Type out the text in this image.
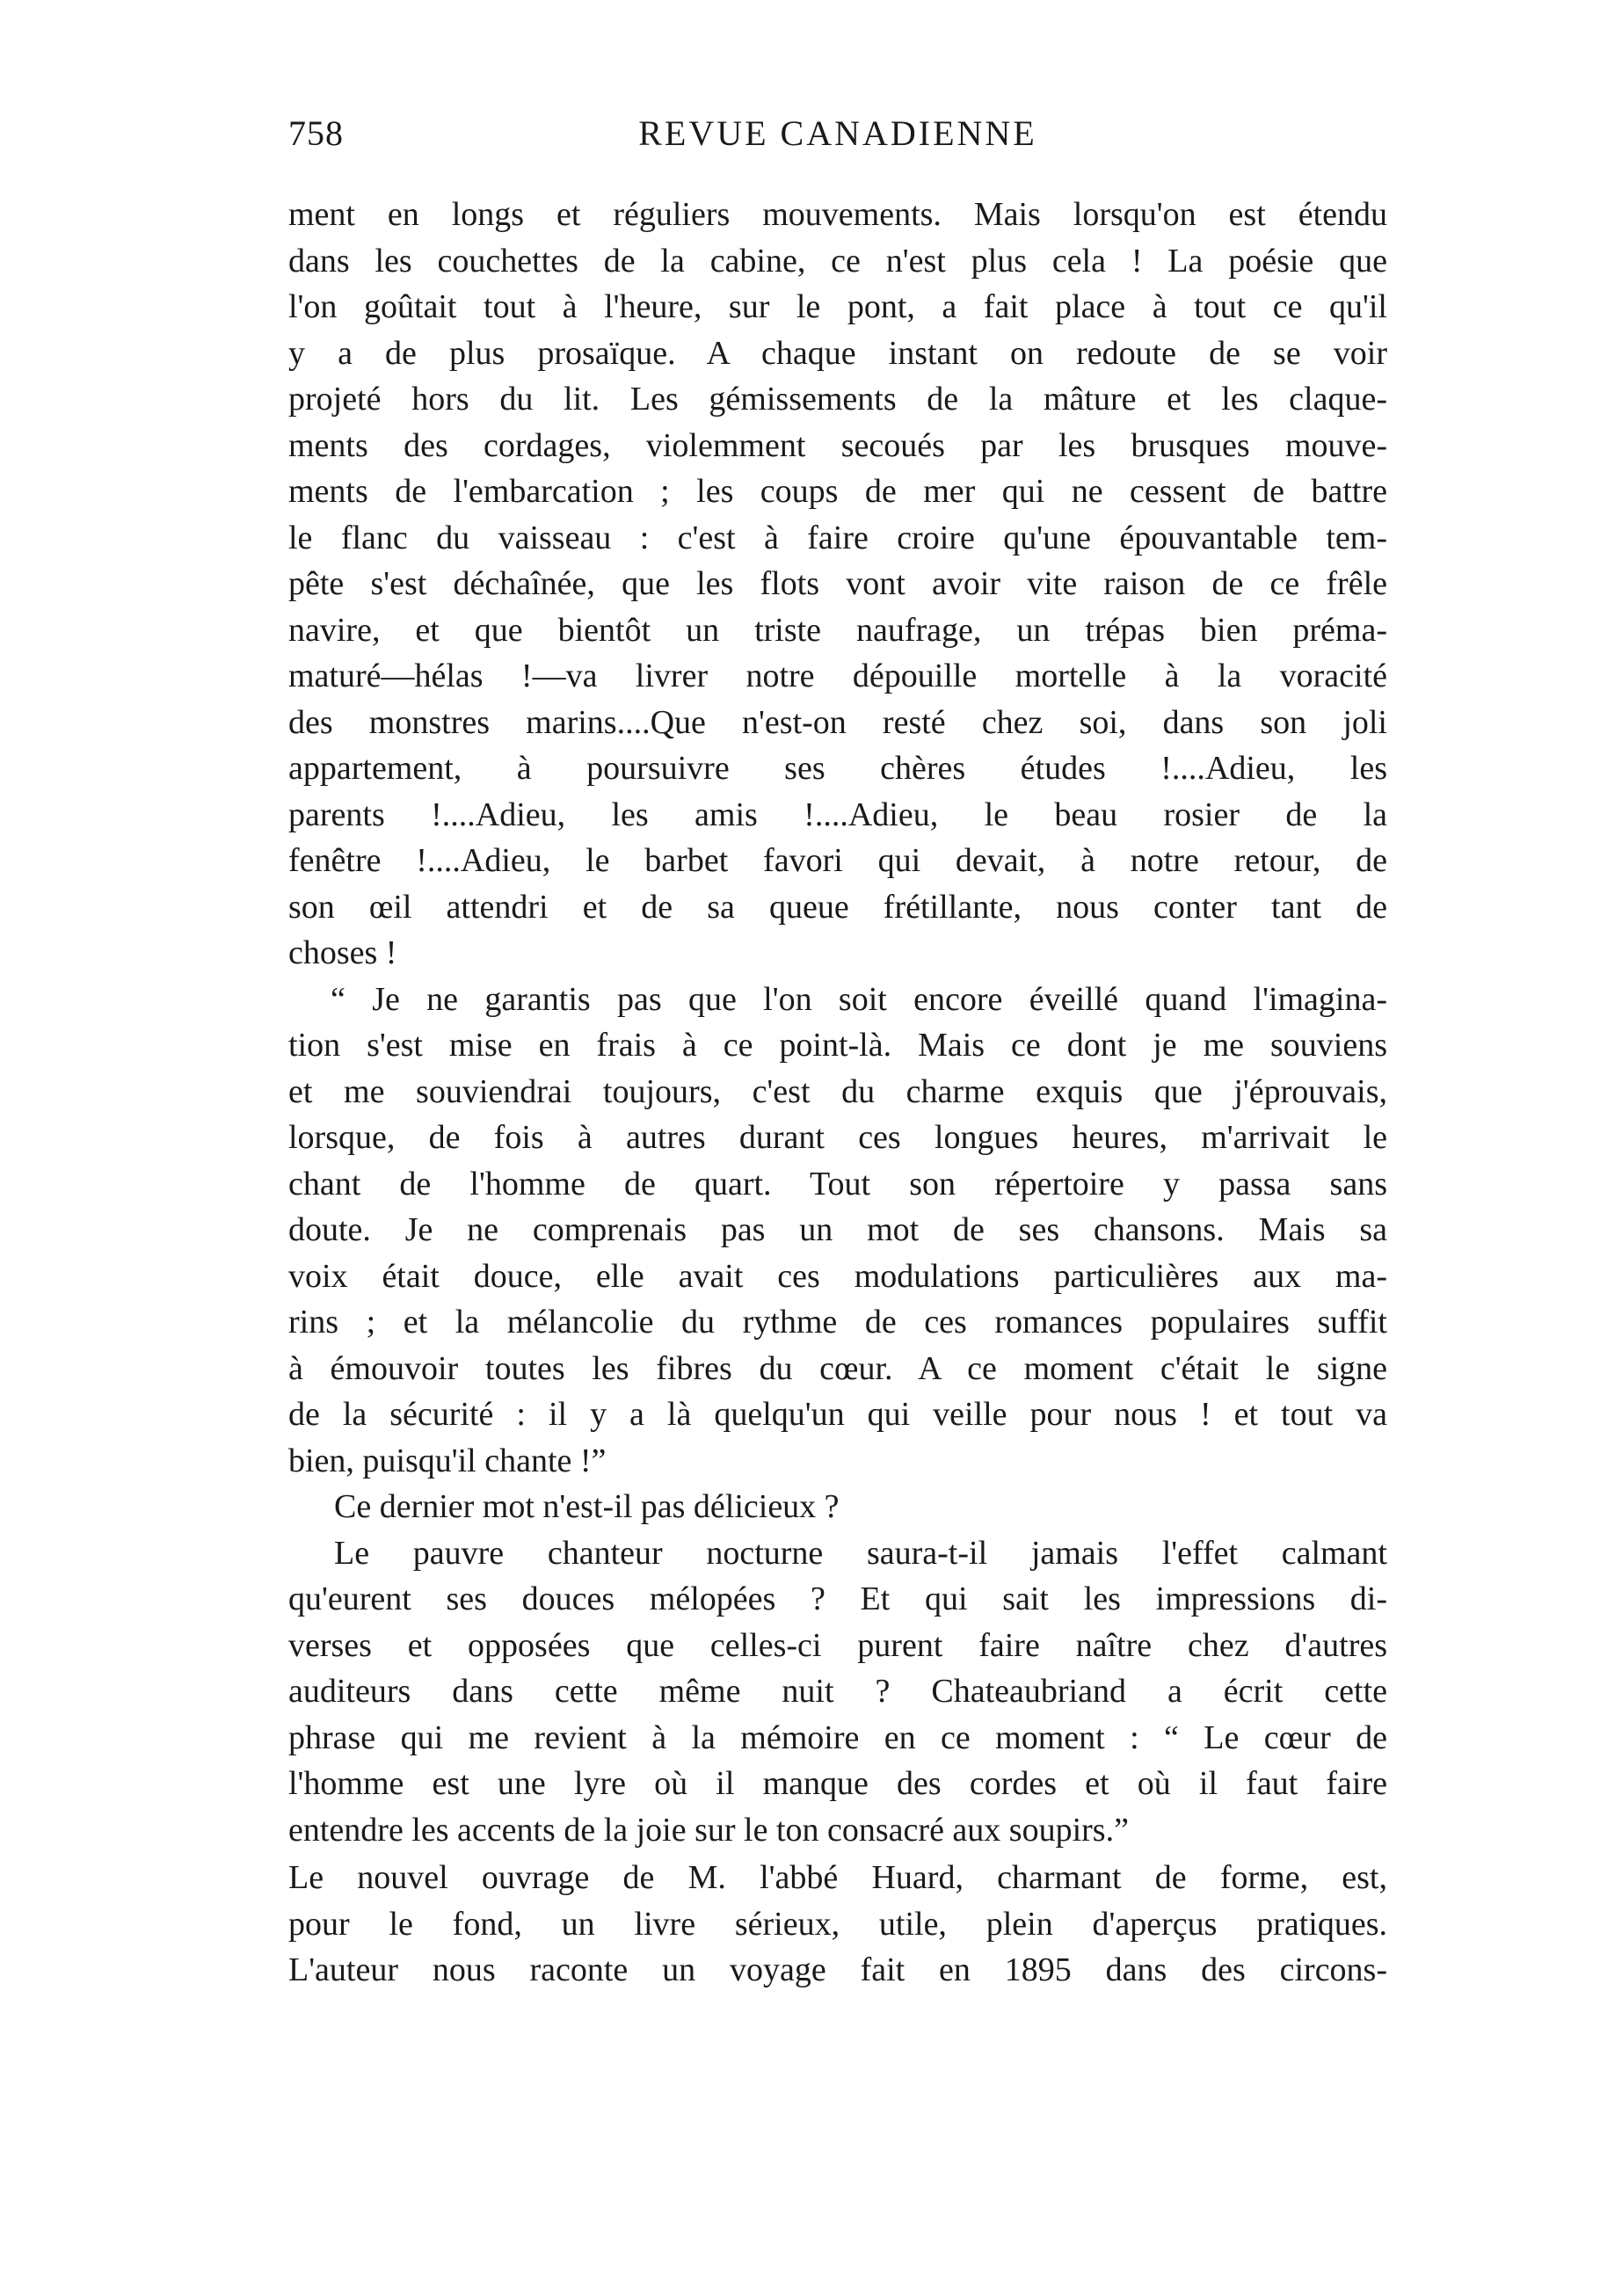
758	REVUE CANADIENNE
ment en longs et réguliers mouvements. Mais lorsqu'on est étendu
dans les couchettes de la cabine, ce n'est plus cela ! La poésie que
l'on goûtait tout à l'heure, sur le pont, a fait place à tout ce qu'il
y a de plus prosaïque. A chaque instant on redoute de se voir
projeté hors du lit. Les gémissements de la mâture et les claque-
ments des cordages, violemment secoués par les brusques mouve-
ments de l'embarcation ; les coups de mer qui ne cessent de battre
le flanc du vaisseau : c'est à faire croire qu'une épouvantable tem-
pête s'est déchaînée, que les flots vont avoir vite raison de ce frêle
navire, et que bientôt un triste naufrage, un trépas bien préma-
maturé—hélas !—va livrer notre dépouille mortelle à la voracité
des monstres marins....Que n'est-on resté chez soi, dans son joli
appartement, à poursuivre ses chères études !....Adieu, les
parents !....Adieu, les amis !....Adieu, le beau rosier de la
fenêtre !....Adieu, le barbet favori qui devait, à notre retour, de
son œil attendri et de sa queue frétillante, nous conter tant de
choses !
“ Je ne garantis pas que l'on soit encore éveillé quand l'imagina-
tion s'est mise en frais à ce point-là. Mais ce dont je me souviens
et me souviendrai toujours, c'est du charme exquis que j'éprouvais,
lorsque, de fois à autres durant ces longues heures, m'arrivait le
chant de l'homme de quart. Tout son répertoire y passa sans
doute. Je ne comprenais pas un mot de ses chansons. Mais sa
voix était douce, elle avait ces modulations particulières aux ma-
rins ; et la mélancolie du rythme de ces romances populaires suffit
à émouvoir toutes les fibres du cœur. A ce moment c'était le signe
de la sécurité : il y a là quelqu'un qui veille pour nous ! et tout va
bien, puisqu'il chante !”
Ce dernier mot n'est-il pas délicieux ?
Le pauvre chanteur nocturne saura-t-il jamais l'effet calmant
qu'eurent ses douces mélopées ? Et qui sait les impressions di-
verses et opposées que celles-ci purent faire naître chez d'autres
auditeurs dans cette même nuit ? Chateaubriand a écrit cette
phrase qui me revient à la mémoire en ce moment : “ Le cœur de
l'homme est une lyre où il manque des cordes et où il faut faire
entendre les accents de la joie sur le ton consacré aux soupirs.”
Le nouvel ouvrage de M. l'abbé Huard, charmant de forme, est,
pour le fond, un livre sérieux, utile, plein d'aperçus pratiques.
L'auteur nous raconte un voyage fait en 1895 dans des circons-
